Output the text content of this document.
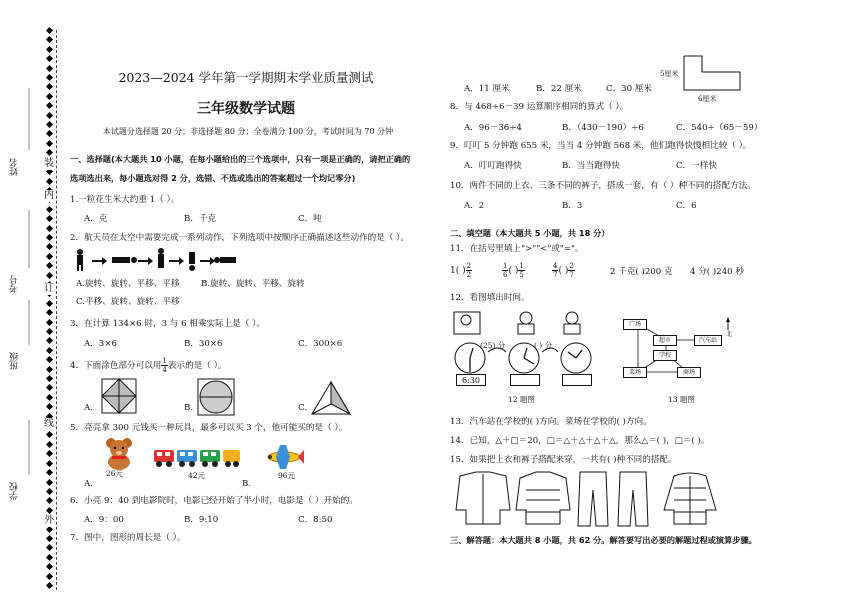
装
订
线
内
外
姓名
考号
班级
学校
2023—2024 学年第一学期期末学业质量测试
三年级数学试题
本试题分选择题 20 分；非选择题 80 分；全卷满分 100 分，考试时间为 70 分钟
一、选择题(本大题共 10 小题，在每小题给出的三个选项中，只有一项是正确的，请把正确的
选项选出来，每小题选对得 2 分，选错、不选或选出的答案超过一个均记零分)
1.一粒花生米大约重 1（ ）。
A．克	B．千克	C．吨
2．航天员在太空中需要完成一系列动作，下列选项中按顺序正确描述这些动作的是（ ）。
A.旋转、旋转、平移、平移	B.旋转、旋转、平移、旋转
C.平移、旋转、旋转、平移
3．在计算 134×6 时，3 与 6 相乘实际上是（ ）。
A．3×6	B．30×6	C．300×6
4．下面涂色部分可以用 $\frac{1}{4}$ 表示的是（ ）。
A.	B.	C.
5．亮亮拿 300 元钱买一种玩具，最多可以买 3 个，他可能买的是（ ）。
26元
A.
42元
B.
96元
6．小亮 9：40 到电影院时，电影已经开始了半小时，电影是（ ）开始的。
A．9：00	B．9:10	C．8:50
7．图中，图形的周长是（ ）。
A．11 厘米	B．22 厘米	C．30 厘米
5厘米
6厘米
8．与 468÷6－39 运算顺序相同的算式（ ）。
A．96－36÷4	B．（430－190）÷6	C．540÷（65－59）
9．叮叮 5 分钟跑 655 米，当当 4 分钟跑 568 米，他们跑得快慢相比较（ ）。
A．叮叮跑得快	B．当当跑得快	C．一样快
10．两件不同的上衣、三条不同的裤子，搭成一套，有（ ）种不同的搭配方法。
A．2	B．3	C．6
二、填空题（本大题共 5 小题，共 18 分）
11．在括号里填上">""<"或"="。
1( ) $\frac{2}{2}$	$\frac{1}{6}$ ( ) $\frac{1}{5}$	$\frac{4}{7}$ ( ) $\frac{2}{7}$	2 千克( )200 克 4 分( )240 秒
12．看图填出时间。
(25) 分	( ) 分
6:30
12 题图
广场
超市	汽车站
学校
菜场	商场
北
13 题图
13．汽车站在学校的( )方向。菜场在学校的( )方向。
14．已知，△＋□＝20，□＝△＋△＋△＋△，那么△＝( )，□＝( )。
15．如果把上衣和裤子搭配来穿，一共有( )种不同的搭配。
三、解答题：本大题共 8 小题，共 62 分。解答要写出必要的解题过程或演算步骤。
